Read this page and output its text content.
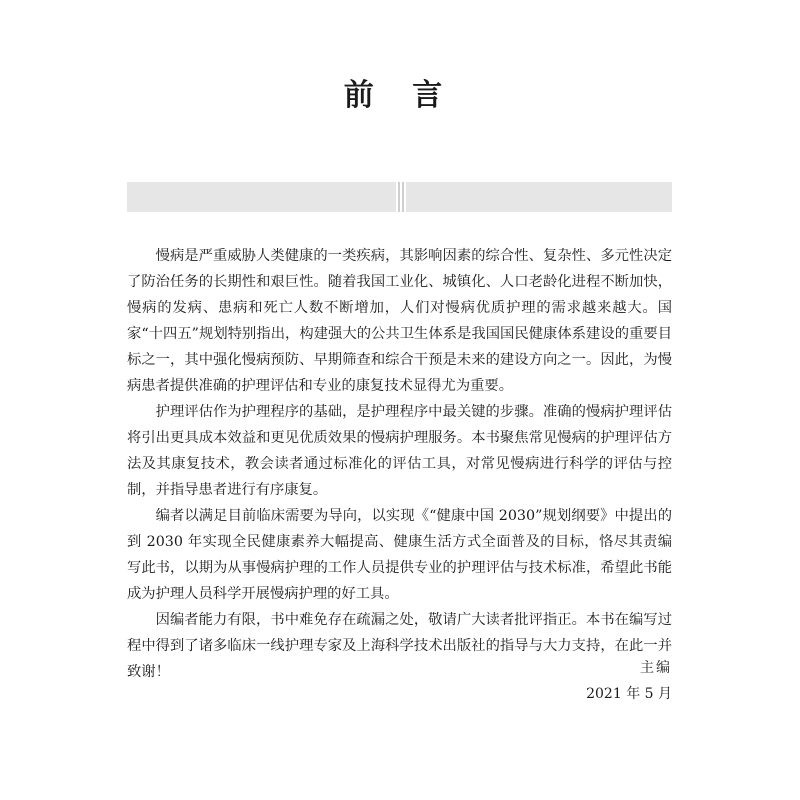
前 言

慢病是严重威胁人类健康的一类疾病，其影响因素的综合性、复杂性、多元性决定了防治任务的长期性和艰巨性。随着我国工业化、城镇化、人口老龄化进程不断加快，慢病的发病、患病和死亡人数不断增加，人们对慢病优质护理的需求越来越大。国家“十四五”规划特别指出，构建强大的公共卫生体系是我国国民健康体系建设的重要目标之一，其中强化慢病预防、早期筛查和综合干预是未来的建设方向之一。因此，为慢病患者提供准确的护理评估和专业的康复技术显得尤为重要。

护理评估作为护理程序的基础，是护理程序中最关键的步骤。准确的慢病护理评估将引出更具成本效益和更见优质效果的慢病护理服务。本书聚焦常见慢病的护理评估方法及其康复技术，教会读者通过标准化的评估工具，对常见慢病进行科学的评估与控制，并指导患者进行有序康复。

编者以满足目前临床需要为导向，以实现《“健康中国 2030”规划纲要》中提出的到 2030 年实现全民健康素养大幅提高、健康生活方式全面普及的目标，恪尽其责编写此书，以期为从事慢病护理的工作人员提供专业的护理评估与技术标准，希望此书能成为护理人员科学开展慢病护理的好工具。

因编者能力有限，书中难免存在疏漏之处，敬请广大读者批评指正。本书在编写过程中得到了诸多临床一线护理专家及上海科学技术出版社的指导与大力支持，在此一并致谢！	主编
2021 年 5 月
